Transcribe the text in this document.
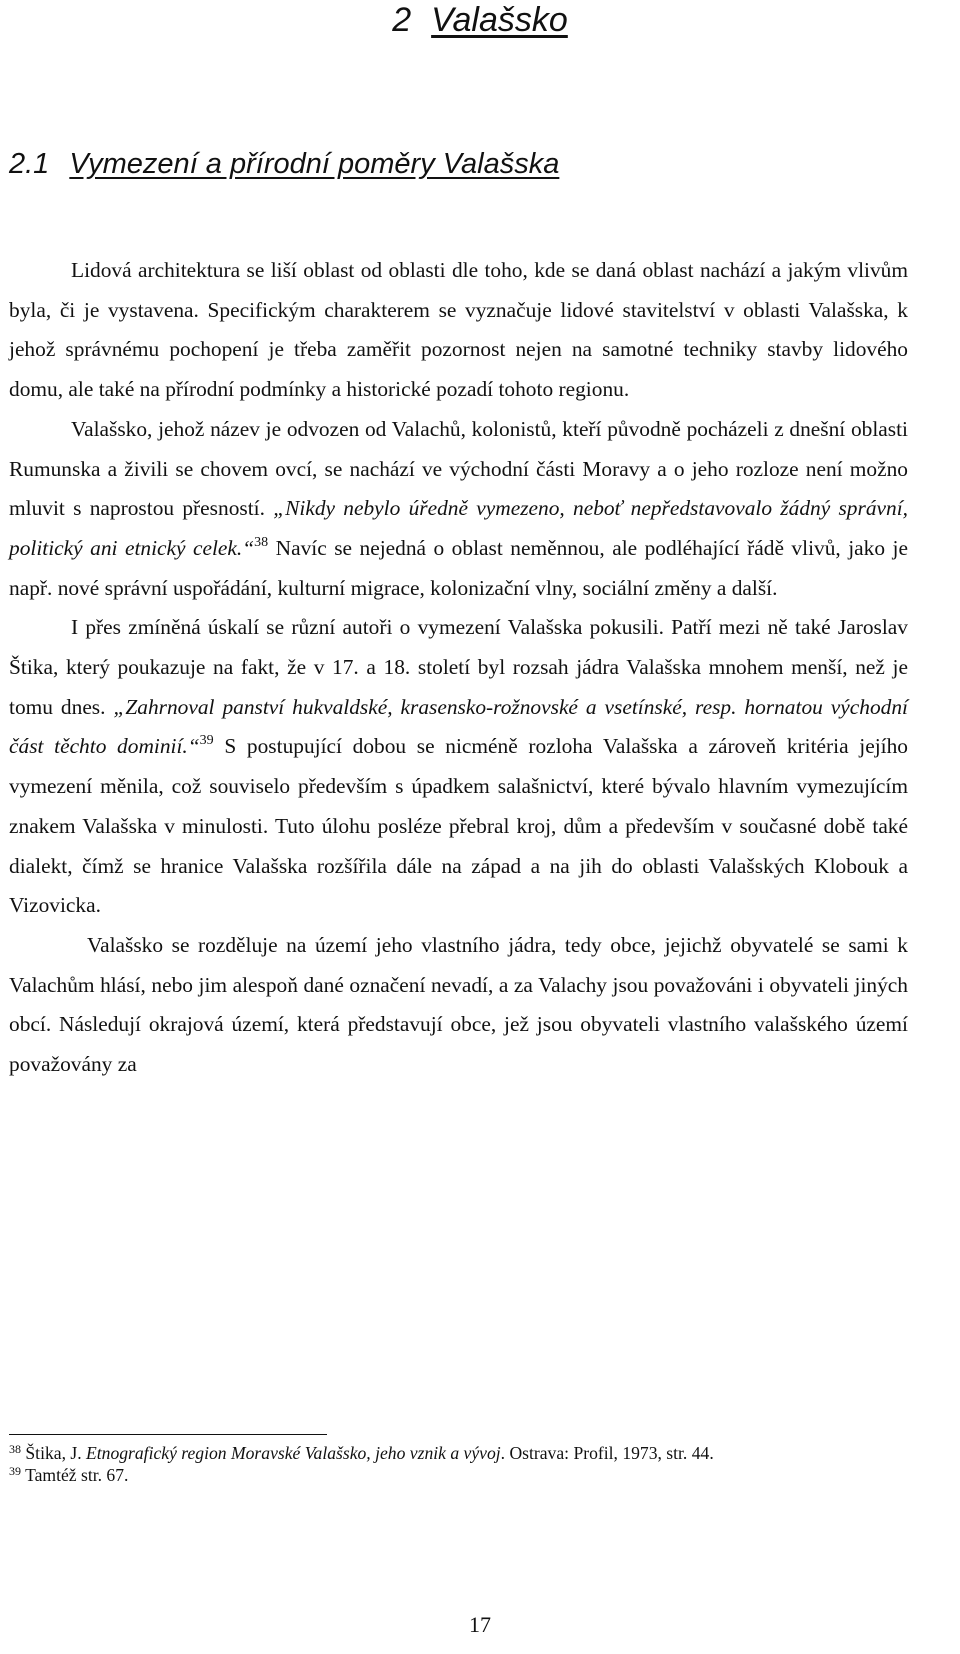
2 Valašsko
2.1 Vymezení a přírodní poměry Valašska

Lidová architektura se liší oblast od oblasti dle toho, kde se daná oblast nachází a jakým vlivům byla, či je vystavena. Specifickým charakterem se vyznačuje lidové stavitelství v oblasti Valašska, k jehož správnému pochopení je třeba zaměřit pozornost nejen na samotné techniky stavby lidového domu, ale také na přírodní podmínky a historické pozadí tohoto regionu.

Valašsko, jehož název je odvozen od Valachů, kolonistů, kteří původně pocházeli z dnešní oblasti Rumunska a živili se chovem ovcí, se nachází ve východní části Moravy a o jeho rozloze není možno mluvit s naprostou přesností. „Nikdy nebylo úředně vymezeno, neboť nepředstavovalo žádný správní, politický ani etnický celek.“$^{38}$ Navíc se nejedná o oblast neměnnou, ale podléhající řádě vlivů, jako je např. nové správní uspořádání, kulturní migrace, kolonizační vlny, sociální změny a další.

I přes zmíněná úskalí se různí autoři o vymezení Valašska pokusili. Patří mezi ně také Jaroslav Štika, který poukazuje na fakt, že v 17. a 18. století byl rozsah jádra Valašska mnohem menší, než je tomu dnes. „Zahrnoval panství hukvaldské, krasensko-rožnovské a vsetínské, resp. hornatou východní část těchto dominií.“$^{39}$ S postupující dobou se nicméně rozloha Valašska a zároveň kritéria jejího vymezení měnila, což souviselo především s úpadkem salašnictví, které bývalo hlavním vymezujícím znakem Valašska v minulosti. Tuto úlohu posléze přebral kroj, dům a především v současné době také dialekt, čímž se hranice Valašska rozšířila dále na západ a na jih do oblasti Valašských Klobouk a Vizovicka.

Valašsko se rozděluje na území jeho vlastního jádra, tedy obce, jejichž obyvatelé se sami k Valachům hlásí, nebo jim alespoň dané označení nevadí, a za Valachy jsou považováni i obyvateli jiných obcí. Následují okrajová území, která představují obce, jež jsou obyvateli vlastního valašského území považovány za

$^{38}$ Štika, J. Etnografický region Moravské Valašsko, jeho vznik a vývoj. Ostrava: Profil, 1973, str. 44.
$^{39}$ Tamtéž str. 67.
17
